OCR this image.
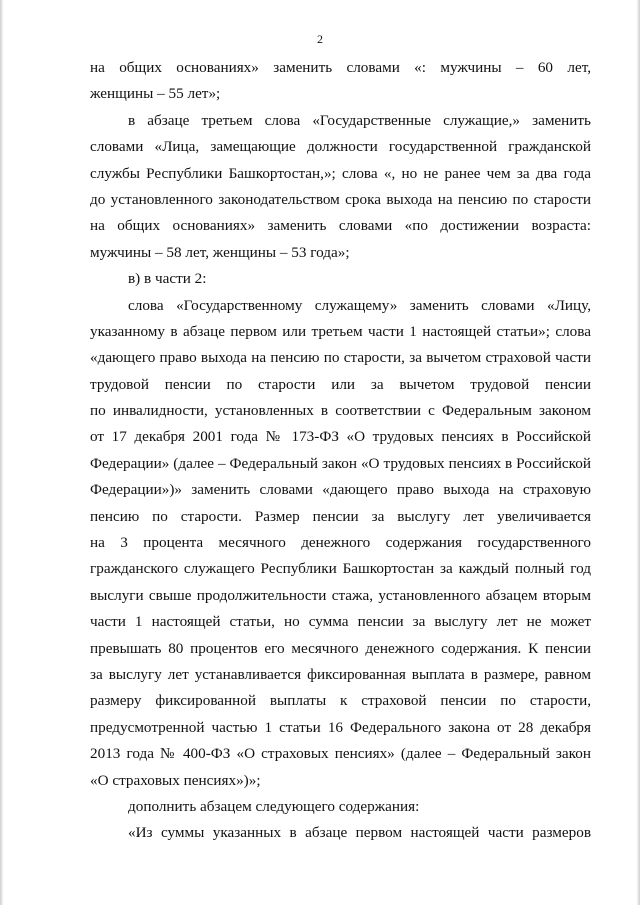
2
на общих основаниях» заменить словами «: мужчины – 60 лет,
женщины – 55 лет»;
в абзаце третьем слова «Государственные служащие,» заменить
словами «Лица, замещающие должности государственной гражданской
службы Республики Башкортостан,»; слова «, но не ранее чем за два года
до установленного законодательством срока выхода на пенсию по старости
на общих основаниях» заменить словами «по достижении возраста:
мужчины – 58 лет, женщины – 53 года»;
в) в части 2:
слова «Государственному служащему» заменить словами «Лицу,
указанному в абзаце первом или третьем части 1 настоящей статьи»; слова
«дающего право выхода на пенсию по старости, за вычетом страховой части
трудовой пенсии по старости или за вычетом трудовой пенсии
по инвалидности, установленных в соответствии с Федеральным законом
от 17 декабря 2001 года № 173-ФЗ «О трудовых пенсиях в Российской
Федерации» (далее – Федеральный закон «О трудовых пенсиях в Российской
Федерации»)» заменить словами «дающего право выхода на страховую
пенсию по старости. Размер пенсии за выслугу лет увеличивается
на 3 процента месячного денежного содержания государственного
гражданского служащего Республики Башкортостан за каждый полный год
выслуги свыше продолжительности стажа, установленного абзацем вторым
части 1 настоящей статьи, но сумма пенсии за выслугу лет не может
превышать 80 процентов его месячного денежного содержания. К пенсии
за выслугу лет устанавливается фиксированная выплата в размере, равном
размеру фиксированной выплаты к страховой пенсии по старости,
предусмотренной частью 1 статьи 16 Федерального закона от 28 декабря
2013 года № 400-ФЗ «О страховых пенсиях» (далее – Федеральный закон
«О страховых пенсиях»)»;
дополнить абзацем следующего содержания:
«Из суммы указанных в абзаце первом настоящей части размеров
